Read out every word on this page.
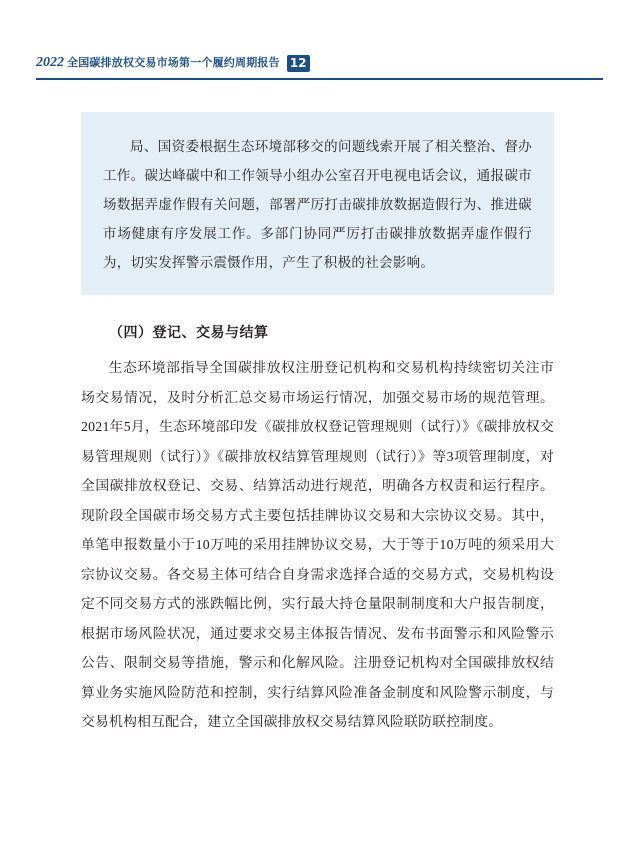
2022 全国碳排放权交易市场第一个履约周期报告 12

局、国资委根据生态环境部移交的问题线索开展了相关整治、督办工作。碳达峰碳中和工作领导小组办公室召开电视电话会议，通报碳市场数据弄虚作假有关问题，部署严厉打击碳排放数据造假行为、推进碳市场健康有序发展工作。多部门协同严厉打击碳排放数据弄虚作假行为，切实发挥警示震慑作用，产生了积极的社会影响。

（四）登记、交易与结算

生态环境部指导全国碳排放权注册登记机构和交易机构持续密切关注市场交易情况，及时分析汇总交易市场运行情况，加强交易市场的规范管理。2021年5月，生态环境部印发《碳排放权登记管理规则（试行）》《碳排放权交易管理规则（试行）》《碳排放权结算管理规则（试行）》等3项管理制度，对全国碳排放权登记、交易、结算活动进行规范，明确各方权责和运行程序。现阶段全国碳市场交易方式主要包括挂牌协议交易和大宗协议交易。其中，单笔申报数量小于10万吨的采用挂牌协议交易，大于等于10万吨的须采用大宗协议交易。各交易主体可结合自身需求选择合适的交易方式，交易机构设定不同交易方式的涨跌幅比例，实行最大持仓量限制制度和大户报告制度，根据市场风险状况，通过要求交易主体报告情况、发布书面警示和风险警示公告、限制交易等措施，警示和化解风险。注册登记机构对全国碳排放权结算业务实施风险防范和控制，实行结算风险准备金制度和风险警示制度，与交易机构相互配合，建立全国碳排放权交易结算风险联防联控制度。
